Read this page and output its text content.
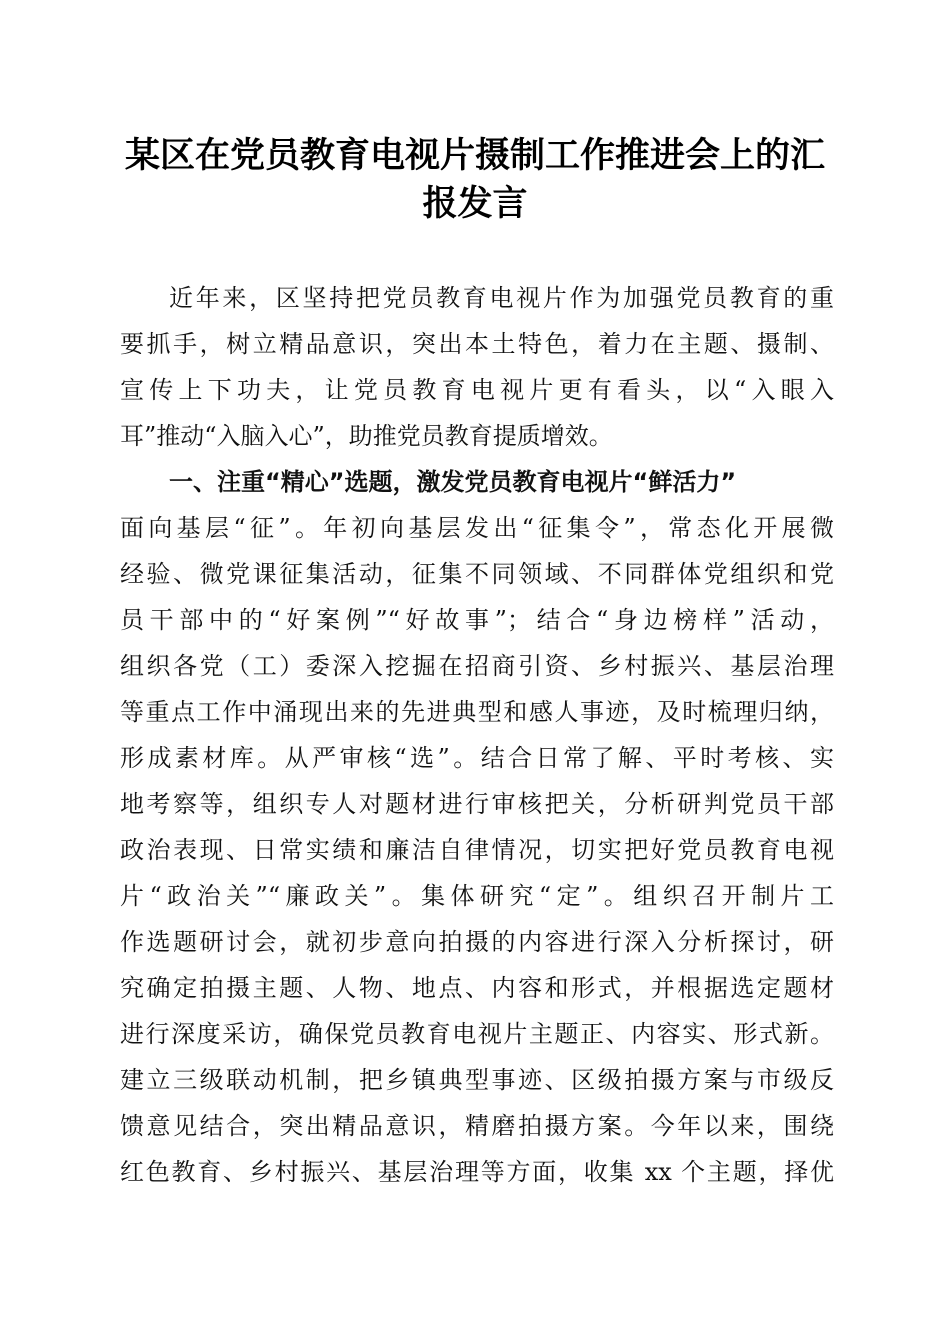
某区在党员教育电视片摄制工作推进会上的汇
报发言
近年来，区坚持把党员教育电视片作为加强党员教育的重
要抓手，树立精品意识，突出本土特色，着力在主题、摄制、
宣传上下功夫，让党员教育电视片更有看头，以“入眼入
耳”推动“入脑入心”，助推党员教育提质增效。
一、注重“精心”选题，激发党员教育电视片“鲜活力”
面向基层“征”。年初向基层发出“征集令”，常态化开展微
经验、微党课征集活动，征集不同领域、不同群体党组织和党
员干部中的“好案例”“好故事”；结合“身边榜样”活动，
组织各党（工）委深入挖掘在招商引资、乡村振兴、基层治理
等重点工作中涌现出来的先进典型和感人事迹，及时梳理归纳，
形成素材库。从严审核“选”。结合日常了解、平时考核、实
地考察等，组织专人对题材进行审核把关，分析研判党员干部
政治表现、日常实绩和廉洁自律情况，切实把好党员教育电视
片“政治关”“廉政关”。集体研究“定”。组织召开制片工
作选题研讨会，就初步意向拍摄的内容进行深入分析探讨，研
究确定拍摄主题、人物、地点、内容和形式，并根据选定题材
进行深度采访，确保党员教育电视片主题正、内容实、形式新。
建立三级联动机制，把乡镇典型事迹、区级拍摄方案与市级反
馈意见结合，突出精品意识，精磨拍摄方案。今年以来，围绕
红色教育、乡村振兴、基层治理等方面，收集 xx 个主题，择优
